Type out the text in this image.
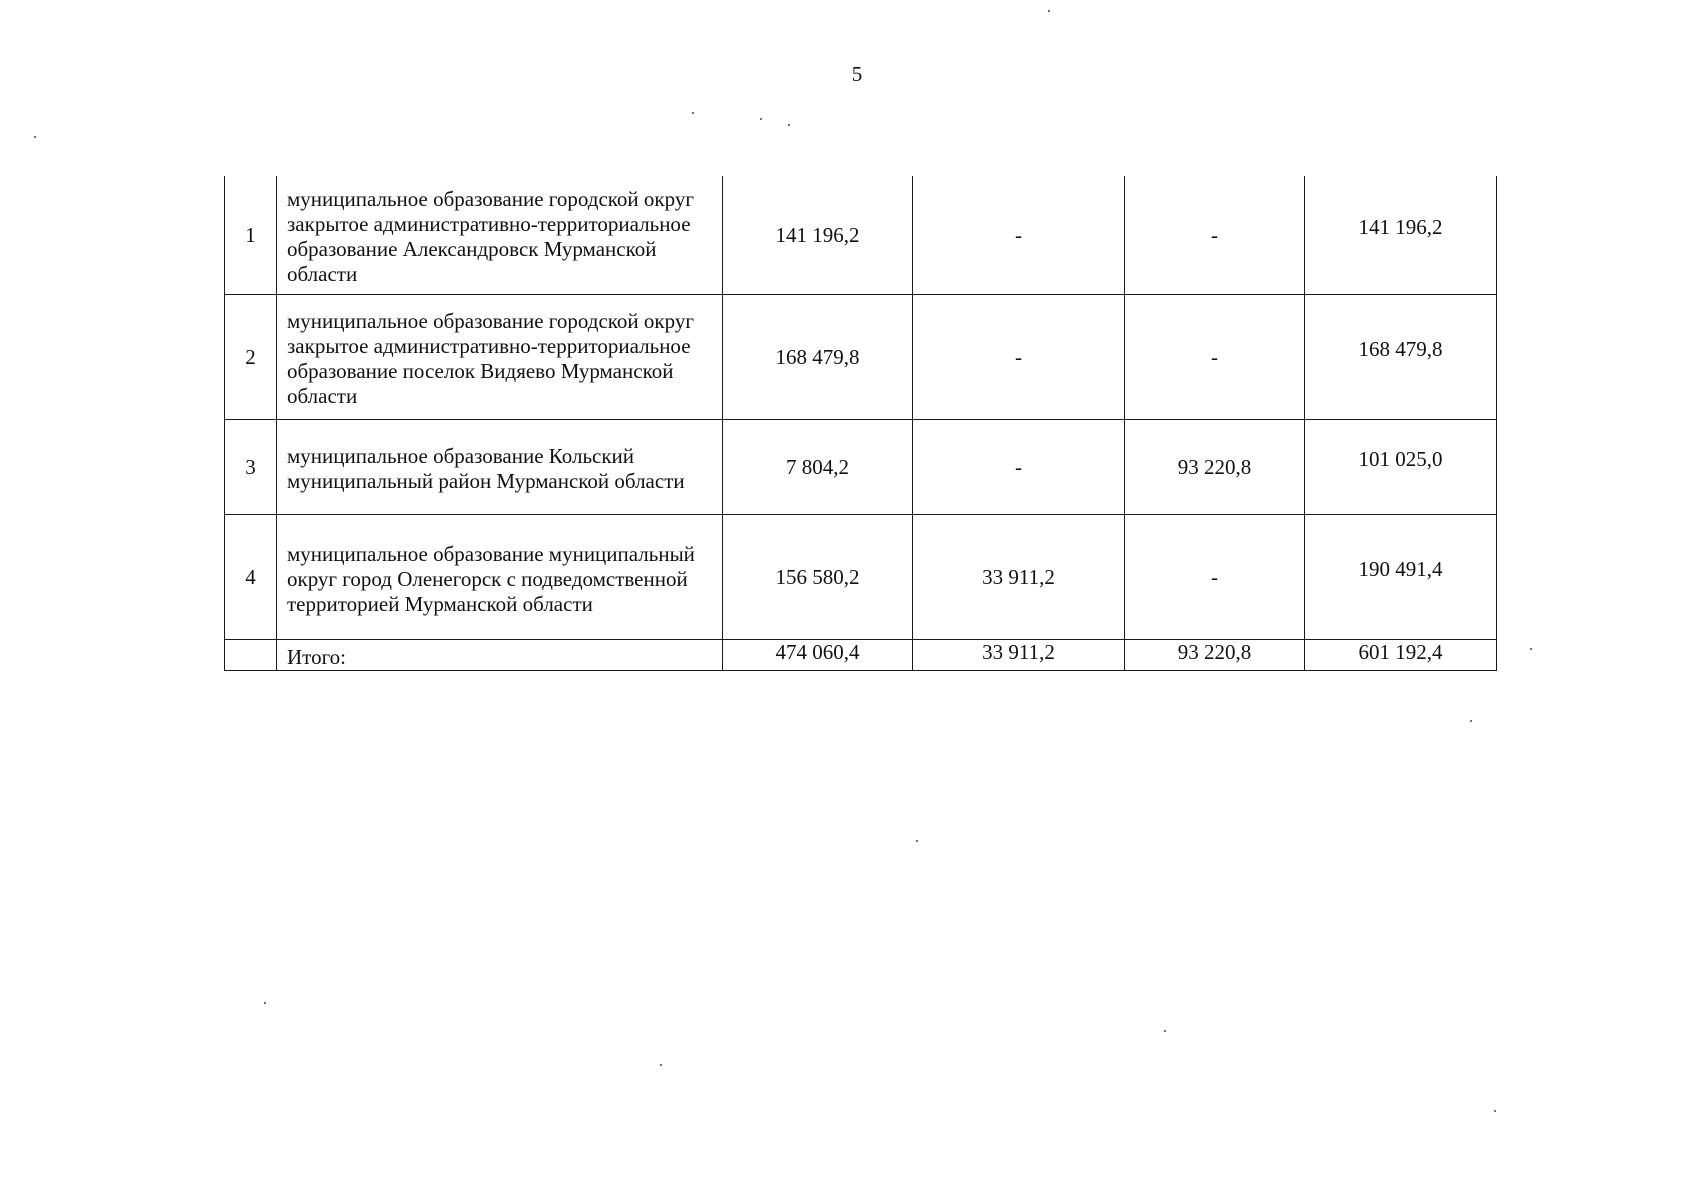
5
1	муниципальное образование городской округ закрытое административно-территориальное образование Александровск Мурманской области	141 196,2	-	-	141 196,2
2	муниципальное образование городской округ закрытое административно-территориальное образование поселок Видяево Мурманской области	168 479,8	-	-	168 479,8
3	муниципальное образование Кольский муниципальный район Мурманской области	7 804,2	-	93 220,8	101 025,0
4	муниципальное образование муниципальный округ город Оленегорск с подведомственной территорией Мурманской области	156 580,2	33 911,2	-	190 491,4
	Итого:	474 060,4	33 911,2	93 220,8	601 192,4
